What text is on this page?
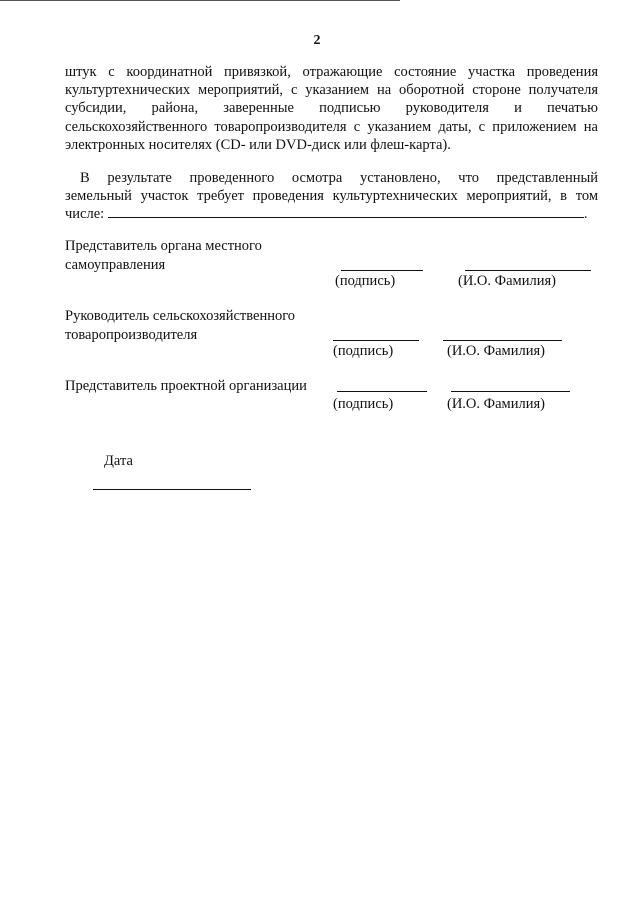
2
штук с координатной привязкой, отражающие состояние участка проведения
культуртехнических мероприятий, с указанием на оборотной стороне получателя
субсидии, района, заверенные подписью руководителя и печатью
сельскохозяйственного товаропроизводителя с указанием даты, с приложением на
электронных носителях (CD- или DVD-диск или флеш-карта).
В результате проведенного осмотра установлено, что представленный
земельный участок требует проведения культуртехнических мероприятий, в том
числе:	.
Представитель органа местного
самоуправления
(подпись)	(И.О. Фамилия)
Руководитель сельскохозяйственного
товаропроизводителя
(подпись)	(И.О. Фамилия)
Представитель проектной организации
(подпись)	(И.О. Фамилия)
Дата
